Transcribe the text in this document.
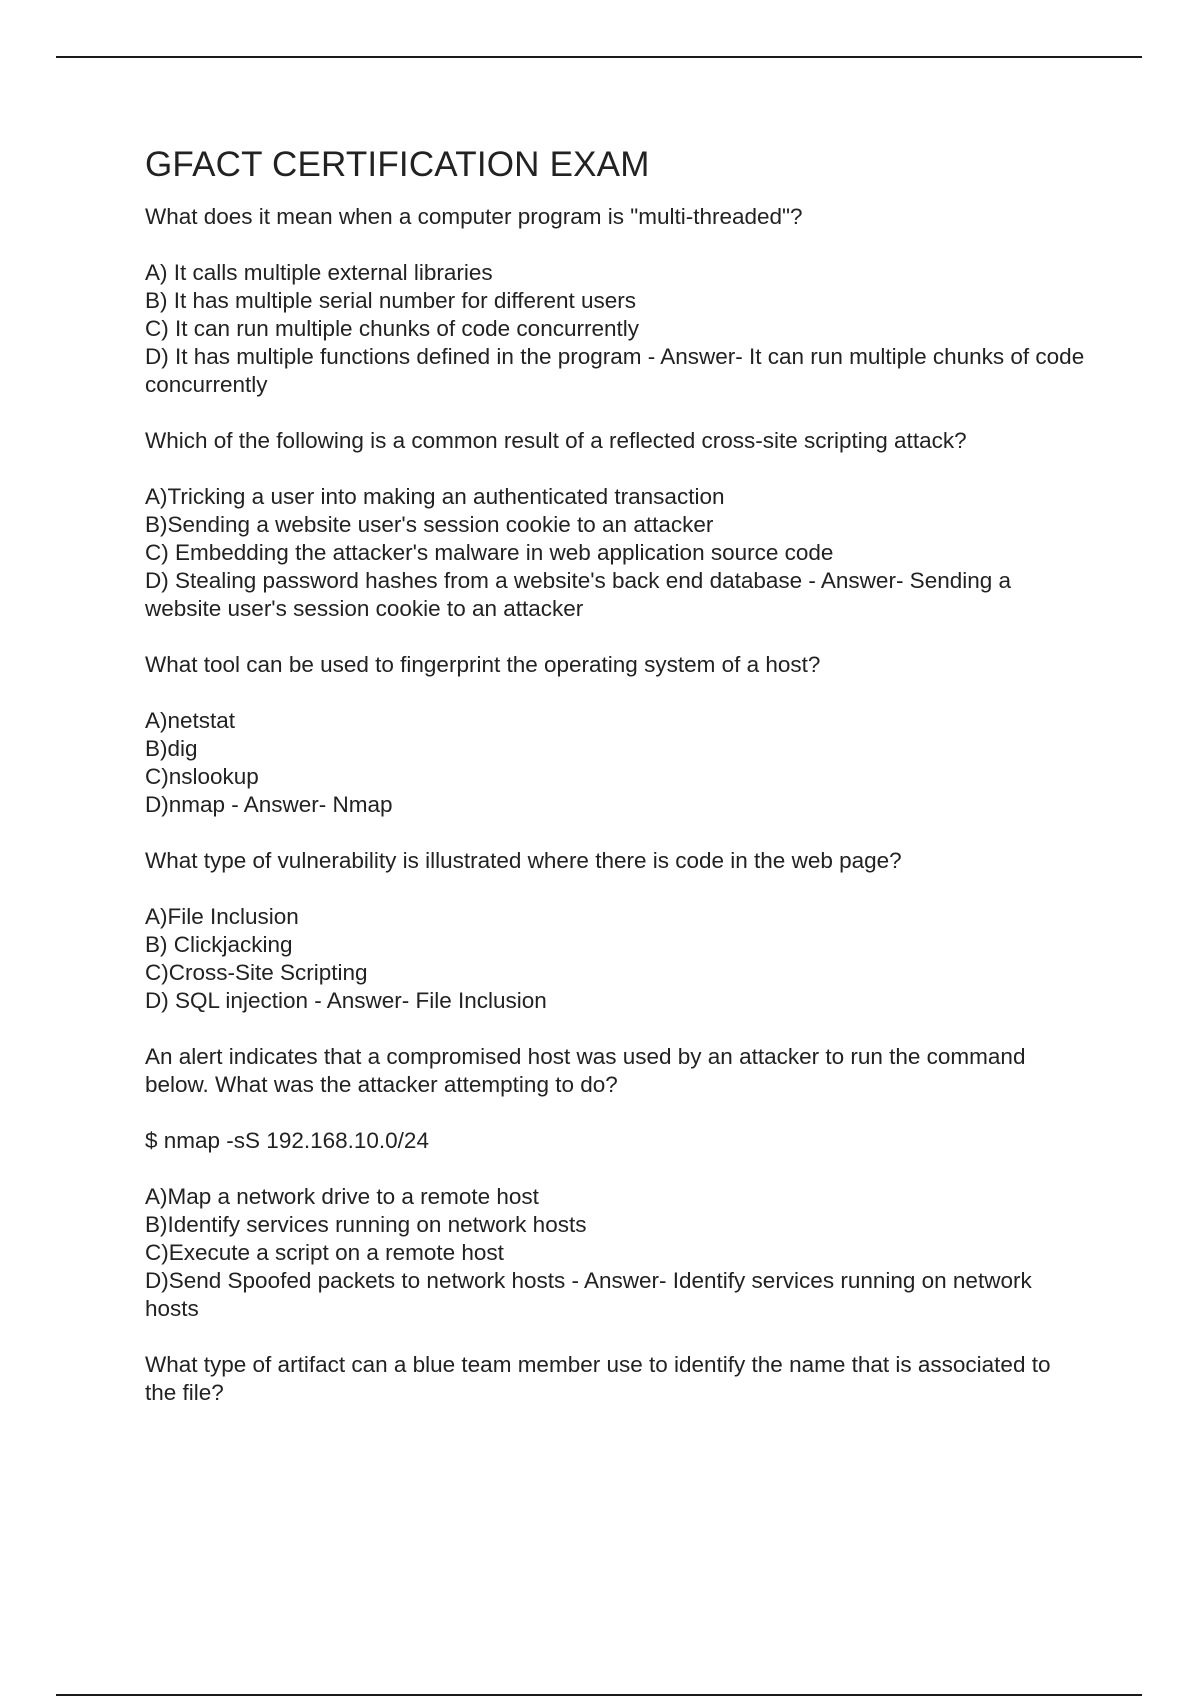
GFACT CERTIFICATION EXAM

What does it mean when a computer program is "multi-threaded"?

A) It calls multiple external libraries
B) It has multiple serial number for different users
C) It can run multiple chunks of code concurrently
D) It has multiple functions defined in the program - Answer- It can run multiple chunks of code concurrently

Which of the following is a common result of a reflected cross-site scripting attack?

A)Tricking a user into making an authenticated transaction
B)Sending a website user's session cookie to an attacker
C) Embedding the attacker's malware in web application source code
D) Stealing password hashes from a website's back end database - Answer- Sending a website user's session cookie to an attacker

What tool can be used to fingerprint the operating system of a host?

A)netstat
B)dig
C)nslookup
D)nmap - Answer- Nmap

What type of vulnerability is illustrated where there is code in the web page?

A)File Inclusion
B) Clickjacking
C)Cross-Site Scripting
D) SQL injection - Answer- File Inclusion

An alert indicates that a compromised host was used by an attacker to run the command below. What was the attacker attempting to do?

$ nmap -sS 192.168.10.0/24

A)Map a network drive to a remote host
B)Identify services running on network hosts
C)Execute a script on a remote host
D)Send Spoofed packets to network hosts - Answer- Identify services running on network hosts

What type of artifact can a blue team member use to identify the name that is associated to the file?
